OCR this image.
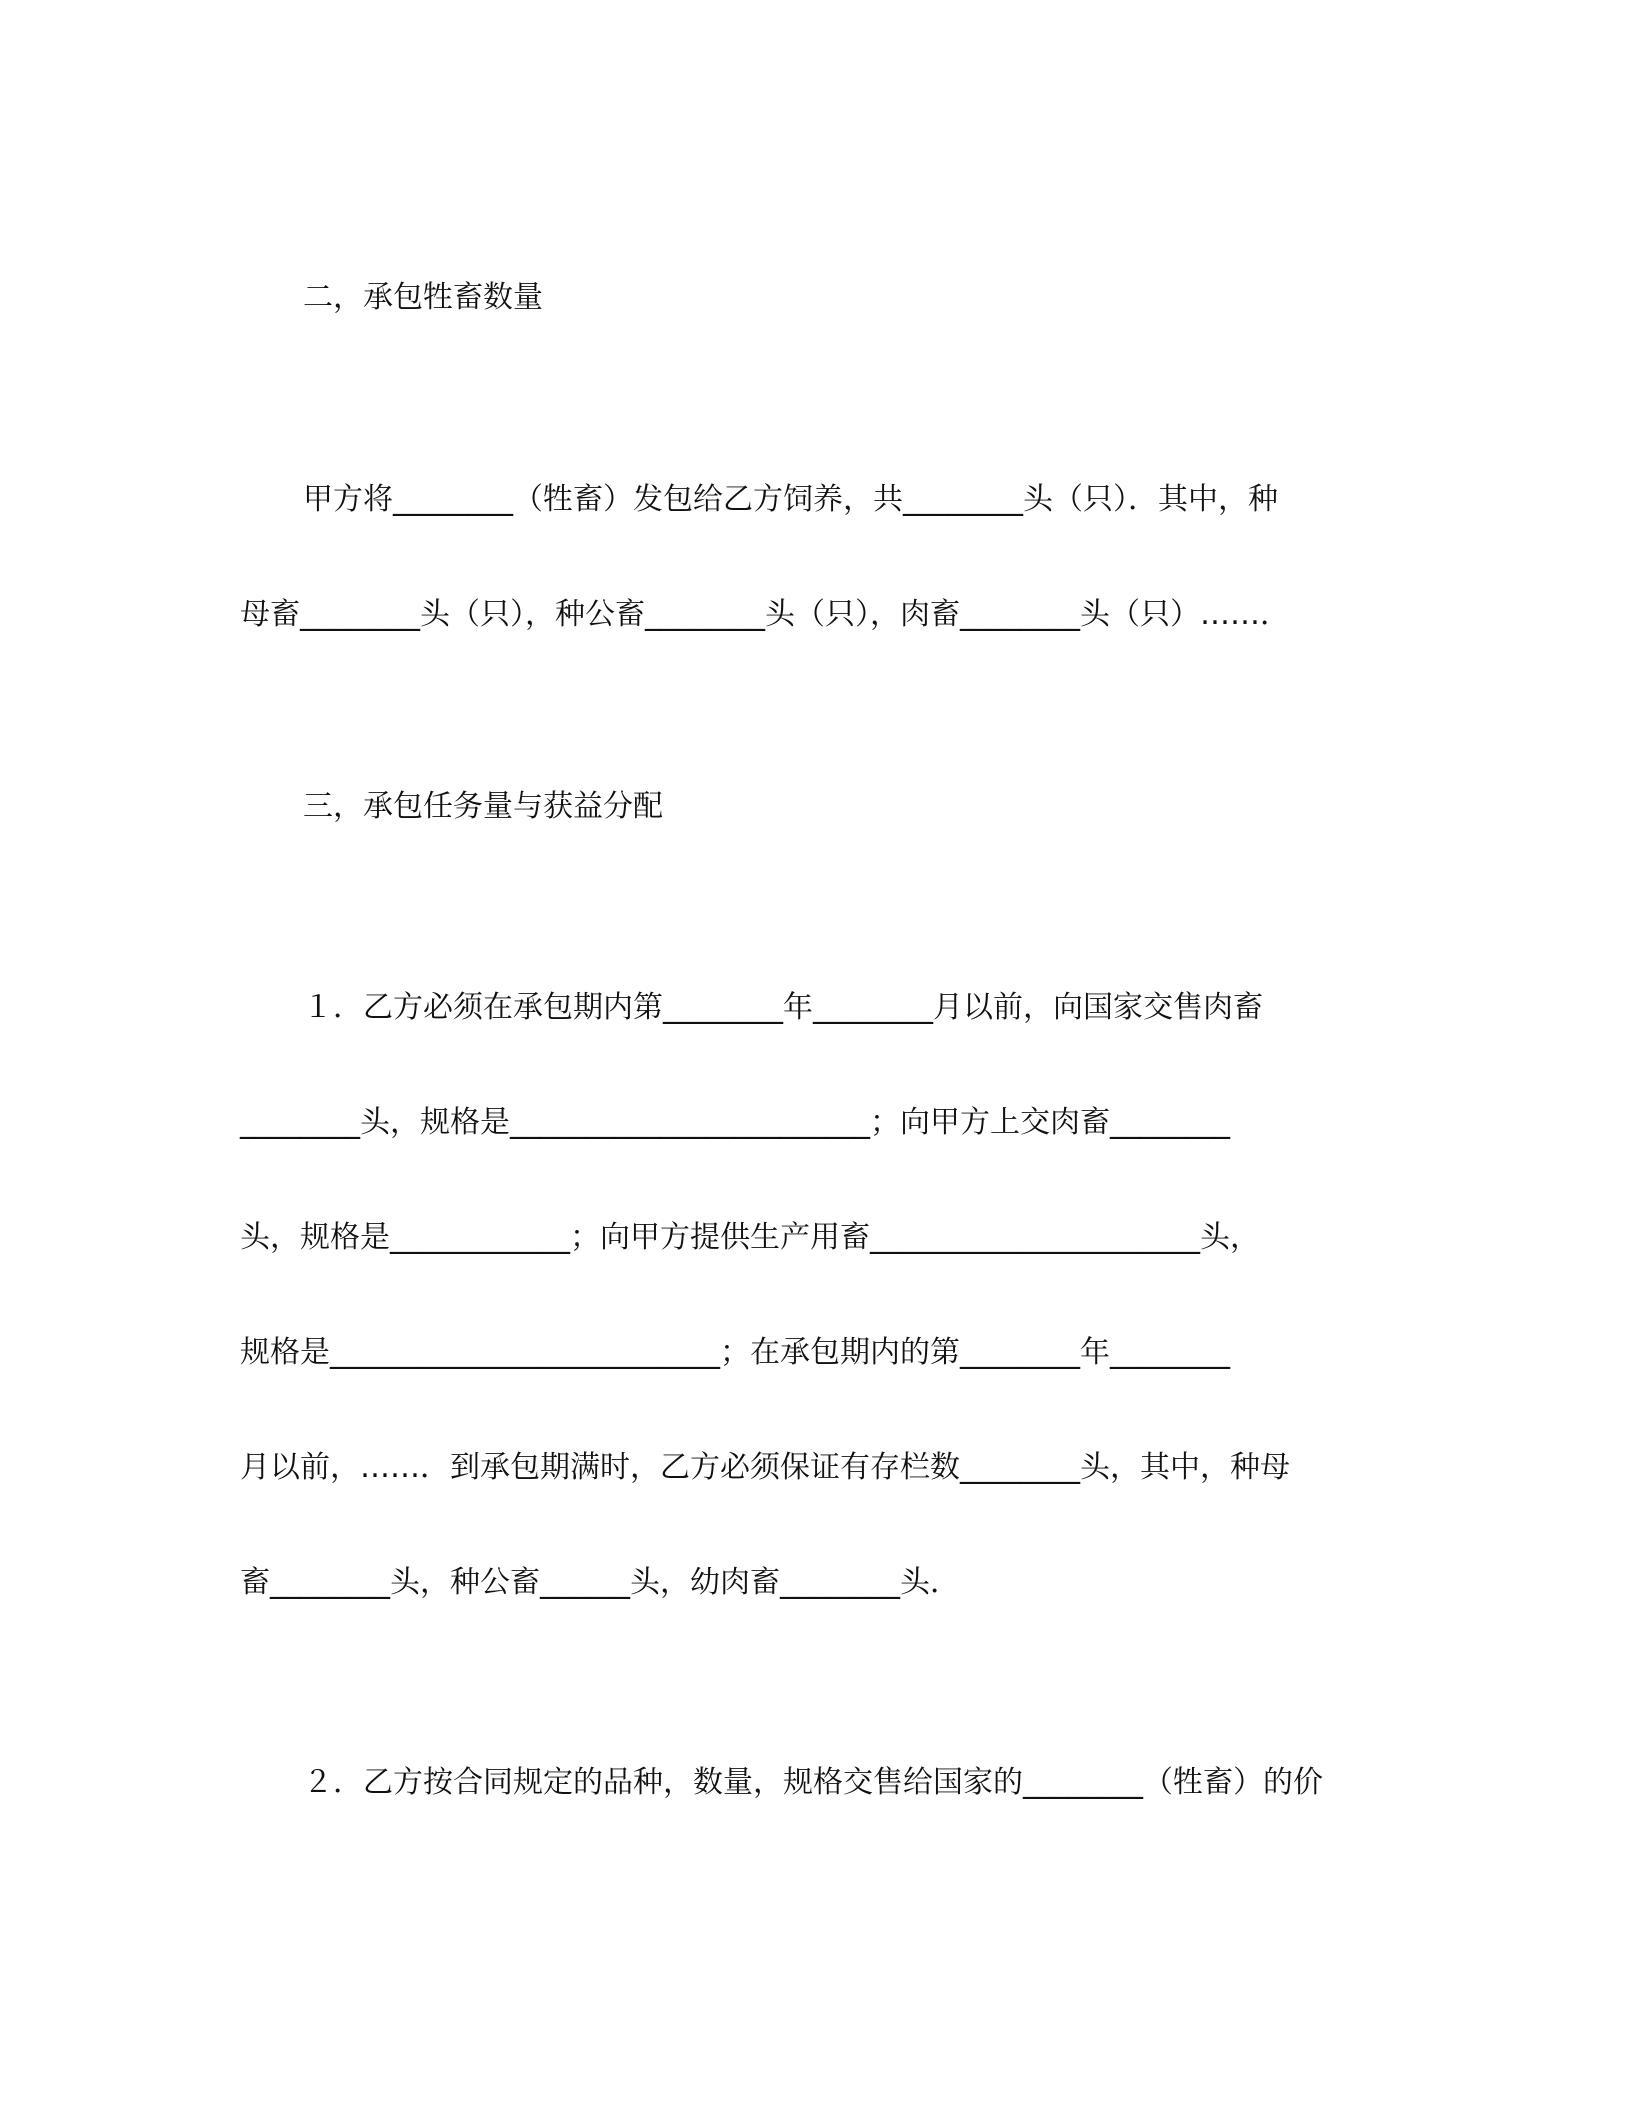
二，承包牲畜数量

甲方将________（牲畜）发包给乙方饲养，共________头（只）．其中，种

母畜________头（只），种公畜________头（只），肉畜________头（只）……．

三，承包任务量与获益分配

１．乙方必须在承包期内第________年________月以前，向国家交售肉畜

________头，规格是________________________；向甲方上交肉畜________

头，规格是____________；向甲方提供生产用畜______________________头，

规格是__________________________；在承包期内的第________年________

月以前，……．到承包期满时，乙方必须保证有存栏数________头，其中，种母

畜________头，种公畜______头，幼肉畜________头．

２．乙方按合同规定的品种，数量，规格交售给国家的________（牲畜）的价
